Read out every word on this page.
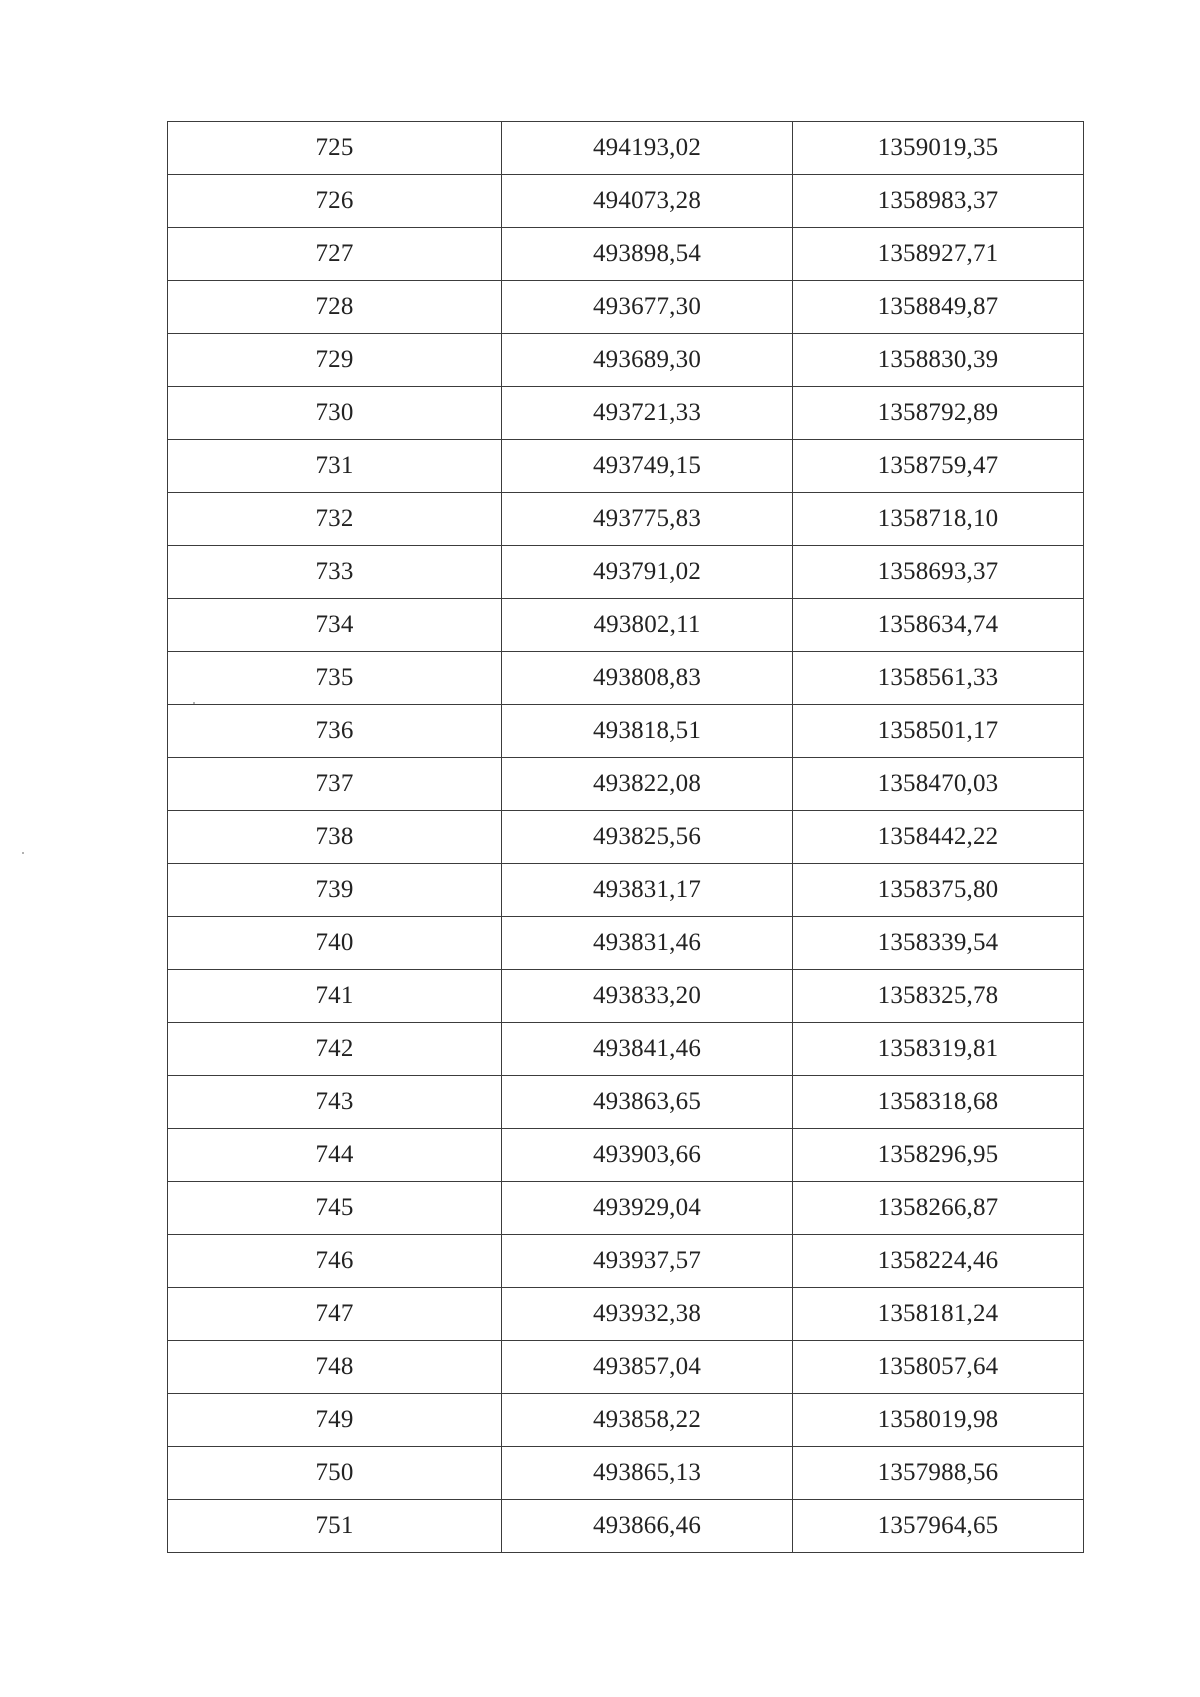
725	494193,02	1359019,35
726	494073,28	1358983,37
727	493898,54	1358927,71
728	493677,30	1358849,87
729	493689,30	1358830,39
730	493721,33	1358792,89
731	493749,15	1358759,47
732	493775,83	1358718,10
733	493791,02	1358693,37
734	493802,11	1358634,74
735	493808,83	1358561,33
736	493818,51	1358501,17
737	493822,08	1358470,03
738	493825,56	1358442,22
739	493831,17	1358375,80
740	493831,46	1358339,54
741	493833,20	1358325,78
742	493841,46	1358319,81
743	493863,65	1358318,68
744	493903,66	1358296,95
745	493929,04	1358266,87
746	493937,57	1358224,46
747	493932,38	1358181,24
748	493857,04	1358057,64
749	493858,22	1358019,98
750	493865,13	1357988,56
751	493866,46	1357964,65
